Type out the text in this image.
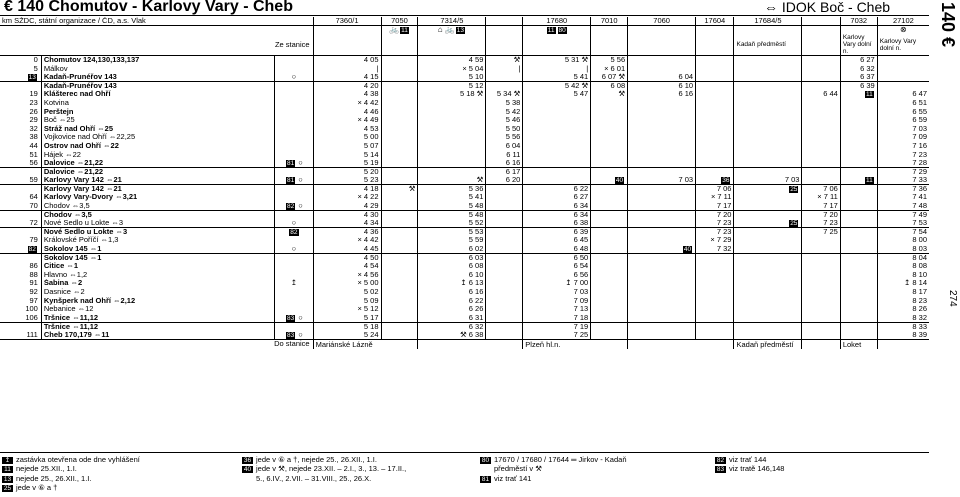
€ 140 Chomutov - Karlovy Vary - Cheb	⇔ IDOK Boč - Cheb	140 €
274
km SŽDC, státní organizace / ČD, a.s. Vlak			7360/1	7050	7314/5		17680	7010	7060	17604	17684/5		7032	27102
				🚲 11	⌂ 🚲 13		11 80							⊗
Ze stanice											Kadaň předměstí		Karlovy Vary dolní n.	Karlovy Vary dolní n.
0	Chomutov 124,130,133,137		4 05		4 59	⚒	5 31 ⚒	5 56					6 27	
5	Málkov		|		× 5 04	|	|	× 6 01					6 32	
13	Kadaň-Prunéřov 143	○	4 15		5 10		5 41	6 07 ⚒	6 04				6 37	
	Kadaň-Prunéřov 143		4 20		5 12		5 42 ⚒	6 08	6 10				6 39	
19	Klášterec nad Ohří		4 38		5 18 ⚒	5 34 ⚒	5 47	⚒	6 16			6 44	11	6 47
23	Kotvina		× 4 42			5 38								6 51
26	Perštejn		4 46			5 42								6 55
29	Boč ⇔25		× 4 49			5 46								6 59
32	Stráž nad Ohří ⇔25		4 53			5 50								7 03
38	Vojkovice nad Ohří ⇔22,25		5 00			5 56								7 09
44	Ostrov nad Ohří ⇔22		5 07			6 04								7 16
51	Hájek ⇔22		5 14			6 11								7 23
56	Dalovice ⇔21,22	81 ○	5 19			6 16								7 28
	Dalovice ⇔21,22		5 20			6 17								7 29
59	Karlovy Vary 142 ⇔21	81 ○	5 23		⚒	6 20		40	7 03	36	7 03		11	7 33
	Karlovy Vary 142 ⇔21		4 18	⚒	5 36		6 22			7 06	25	7 06		7 36
64	Karlovy Vary-Dvory ⇔3,21		× 4 22		5 41		6 27			× 7 11		× 7 11		7 41
70	Chodov ⇔3,5	82 ○	4 29		5 48		6 34			7 17		7 17		7 48
	Chodov ⇔3,5		4 30		5 48		6 34			7 20		7 20		7 49
72	Nové Sedlo u Lokte ⇔3	○	4 34		5 52		6 38			7 23	25	7 23		7 53
	Nové Sedlo u Lokte ⇔3	82	4 36		5 53		6 39			7 23		7 25		7 54
79	Královské Poříčí ⇔1,3		× 4 42		5 59		6 45			× 7 29				8 00
82	Sokolov 145 ⇔1	○	4 45		6 02		6 48		40	7 32				8 03
	Sokolov 145 ⇔1		4 50		6 03		6 50							8 04
86	Citice ⇔1		4 54		6 08		6 54							8 08
88	Hlavno ⇔1,2		× 4 56		6 10		6 56							8 10
91	Šabina ⇔2	↥	× 5 00		↥ 6 13		↥ 7 00							↥ 8 14
92	Dasnice ⇔2		5 02		6 16		7 03							8 17
97	Kynšperk nad Ohří ⇔2,12		5 09		6 22		7 09							8 23
100	Nebanice ⇔12		× 5 12		6 26		7 13							8 26
106	Tršnice ⇔11,12	83 ○	5 17		6 31		7 18							8 32
	Tršnice ⇔11,12		5 18		6 32		7 19							8 33
111	Cheb 170,179 ⇔11	83 ○	5 24		⚒ 6 38		7 25							8 39
Do stanice			Mariánské Lázně				Plzeň hl.n.				Kadaň předměstí		Loket	
↥ zastávka otevřena ode dne vyhlášení
11 nejede 25.XII., 1.I.
13 nejede 25., 26.XII., 1.I.
25 jede v ⑥ a †
36 jede v ⑥ a †, nejede 25., 26.XII., 1.I.
40 jede v ⚒, nejede 23.XII. – 2.I., 3., 13. – 17.II.,
5., 6.IV., 2.VII. – 31.VIII., 25., 26.X.
80 17670 / 17680 / 17644 ═ Jirkov - Kadaň
předměstí v ⚒
81 viz trať 141
82 viz trať 144
83 viz tratě 146,148
